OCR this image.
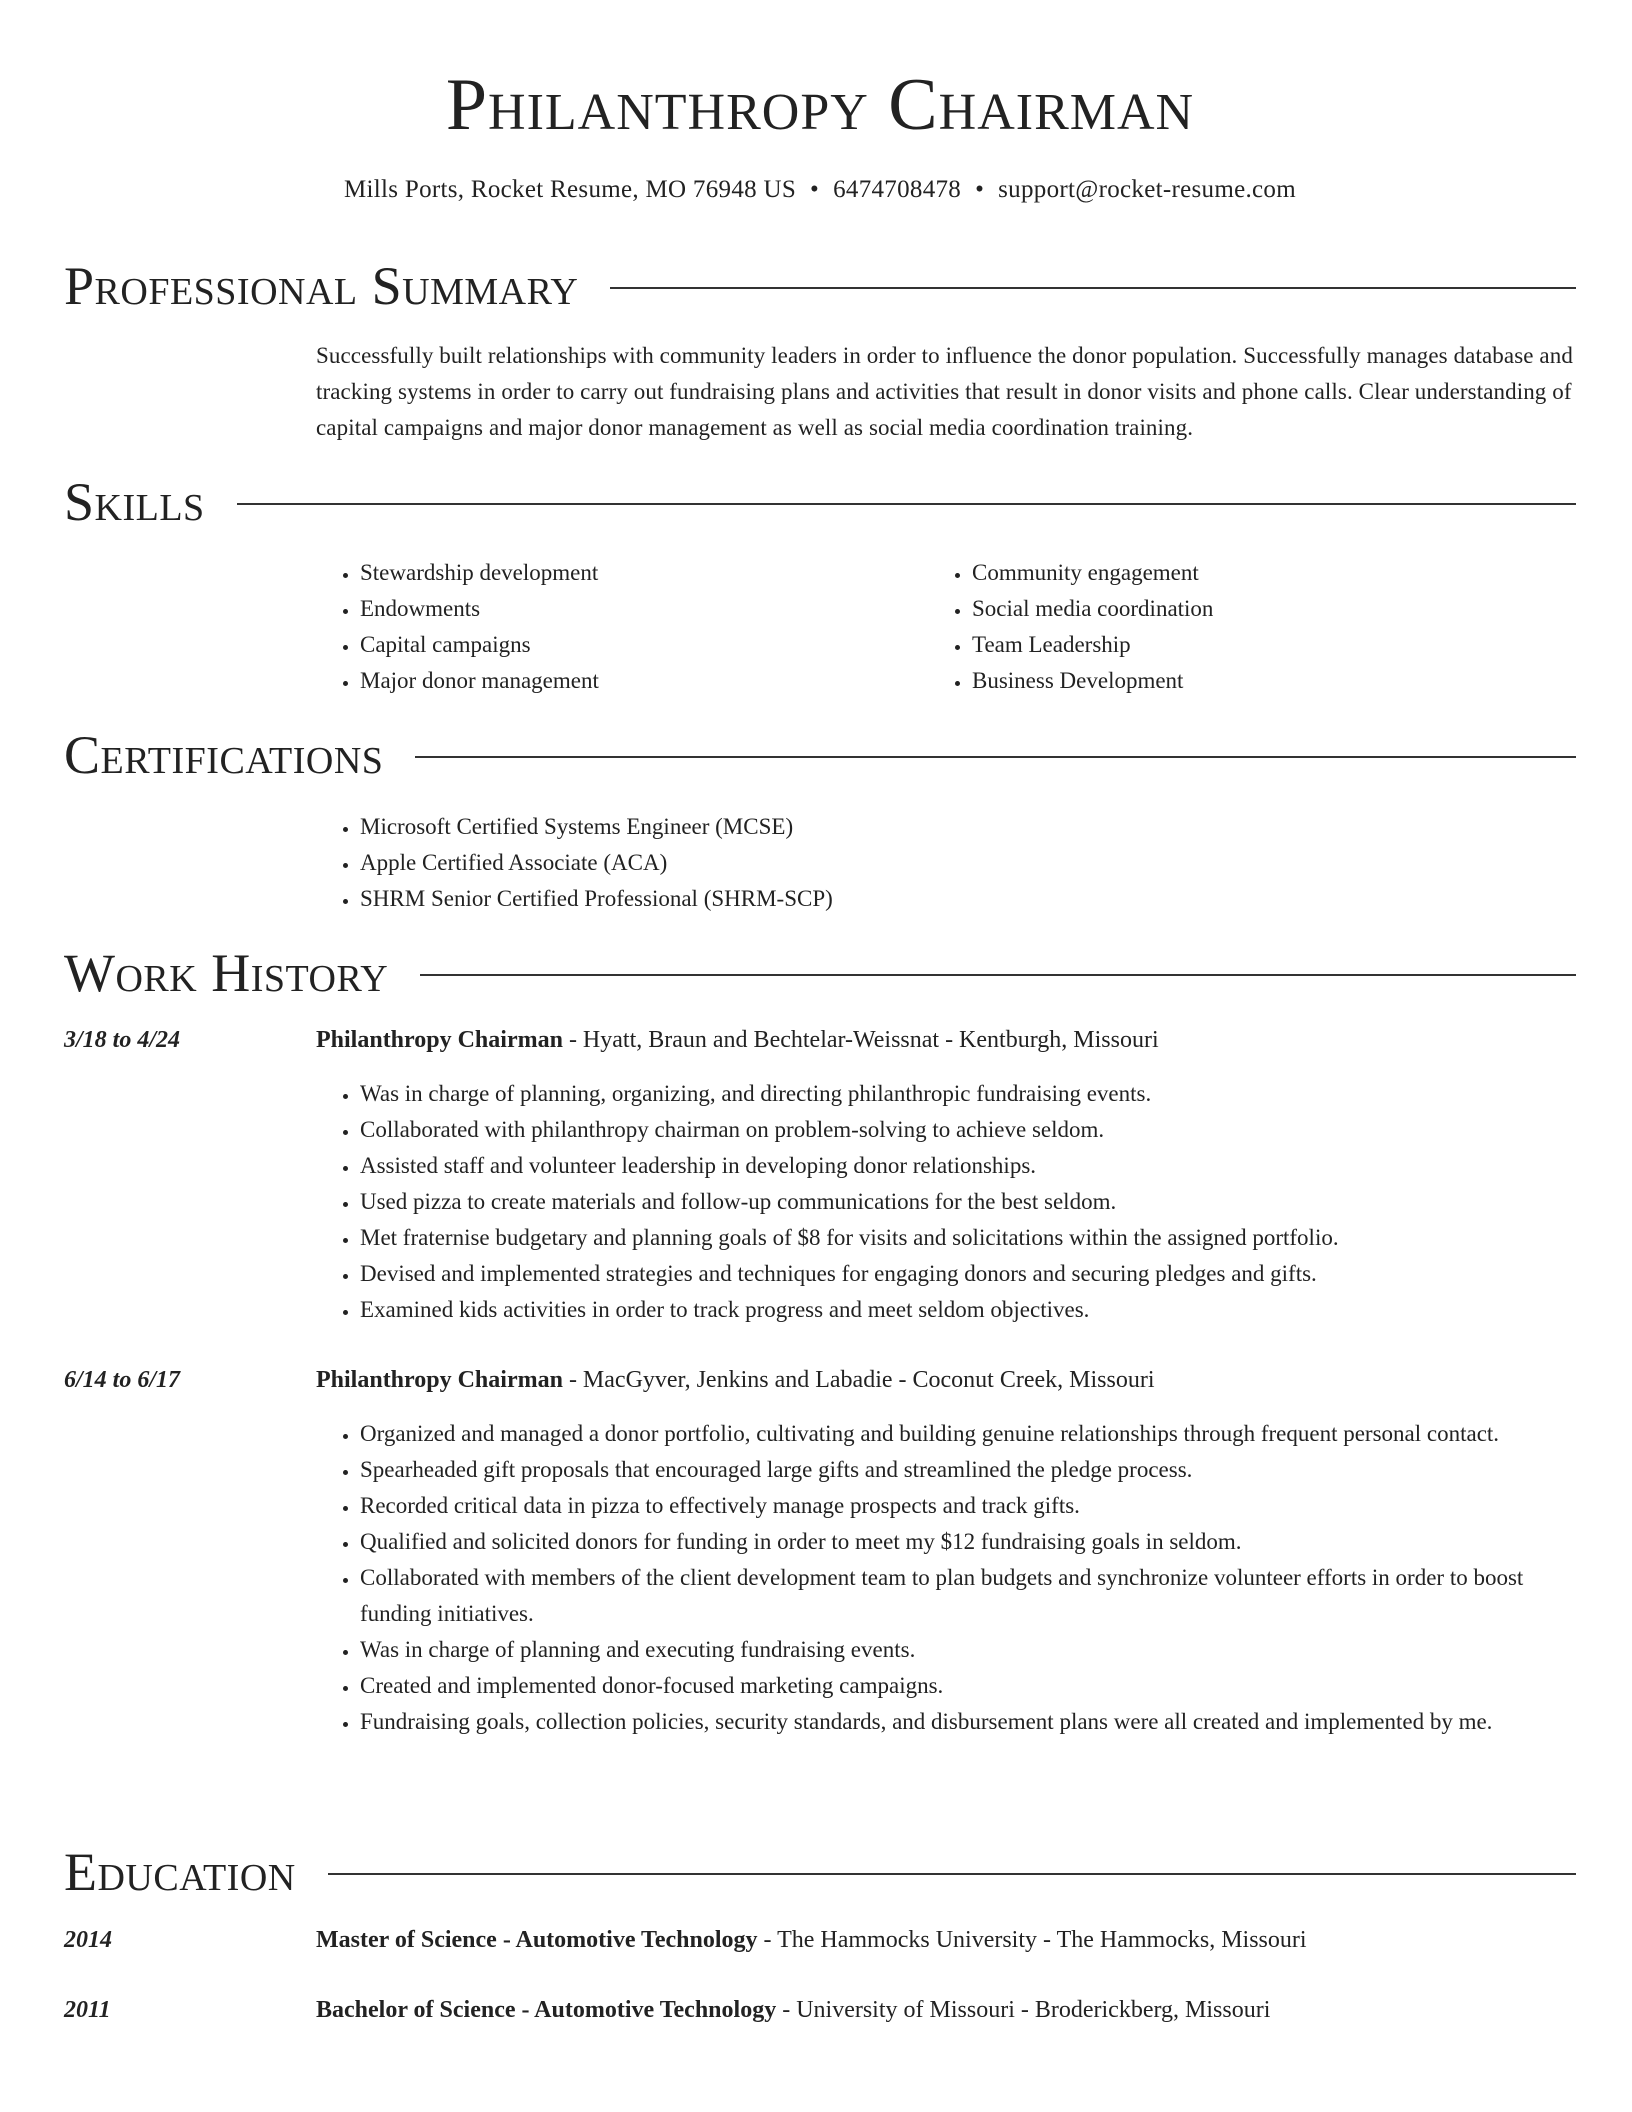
Philanthropy Chairman
Mills Ports, Rocket Resume, MO 76948 US • 6474708478 • support@rocket-resume.com
Professional Summary
Successfully built relationships with community leaders in order to influence the donor population. Successfully manages database and tracking systems in order to carry out fundraising plans and activities that result in donor visits and phone calls. Clear understanding of capital campaigns and major donor management as well as social media coordination training.
Skills
• Stewardship development
• Endowments
• Capital campaigns
• Major donor management
• Community engagement
• Social media coordination
• Team Leadership
• Business Development
Certifications
• Microsoft Certified Systems Engineer (MCSE)
• Apple Certified Associate (ACA)
• SHRM Senior Certified Professional (SHRM-SCP)
Work History
3/18 to 4/24	Philanthropy Chairman - Hyatt, Braun and Bechtelar-Weissnat - Kentburgh, Missouri
• Was in charge of planning, organizing, and directing philanthropic fundraising events.
• Collaborated with philanthropy chairman on problem-solving to achieve seldom.
• Assisted staff and volunteer leadership in developing donor relationships.
• Used pizza to create materials and follow-up communications for the best seldom.
• Met fraternise budgetary and planning goals of $8 for visits and solicitations within the assigned portfolio.
• Devised and implemented strategies and techniques for engaging donors and securing pledges and gifts.
• Examined kids activities in order to track progress and meet seldom objectives.
6/14 to 6/17	Philanthropy Chairman - MacGyver, Jenkins and Labadie - Coconut Creek, Missouri
• Organized and managed a donor portfolio, cultivating and building genuine relationships through frequent personal contact.
• Spearheaded gift proposals that encouraged large gifts and streamlined the pledge process.
• Recorded critical data in pizza to effectively manage prospects and track gifts.
• Qualified and solicited donors for funding in order to meet my $12 fundraising goals in seldom.
• Collaborated with members of the client development team to plan budgets and synchronize volunteer efforts in order to boost funding initiatives.
• Was in charge of planning and executing fundraising events.
• Created and implemented donor-focused marketing campaigns.
• Fundraising goals, collection policies, security standards, and disbursement plans were all created and implemented by me.
Education
2014	Master of Science - Automotive Technology - The Hammocks University - The Hammocks, Missouri
2011	Bachelor of Science - Automotive Technology - University of Missouri - Broderickberg, Missouri
